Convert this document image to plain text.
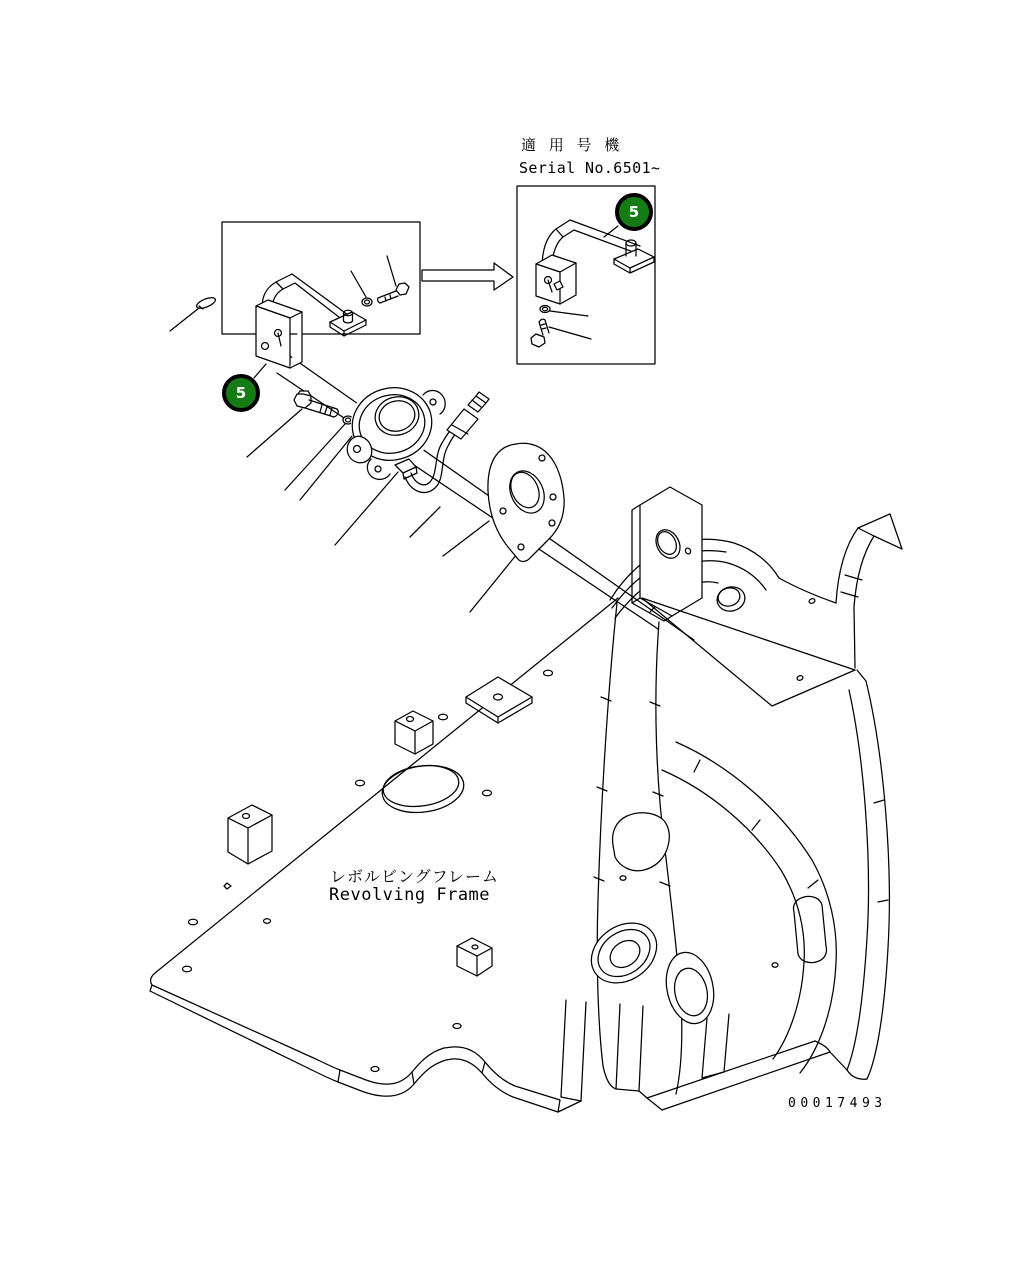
適 用 号 機
Serial No.6501~
レボルビングフレーム
Revolving Frame
00017493
5
5
